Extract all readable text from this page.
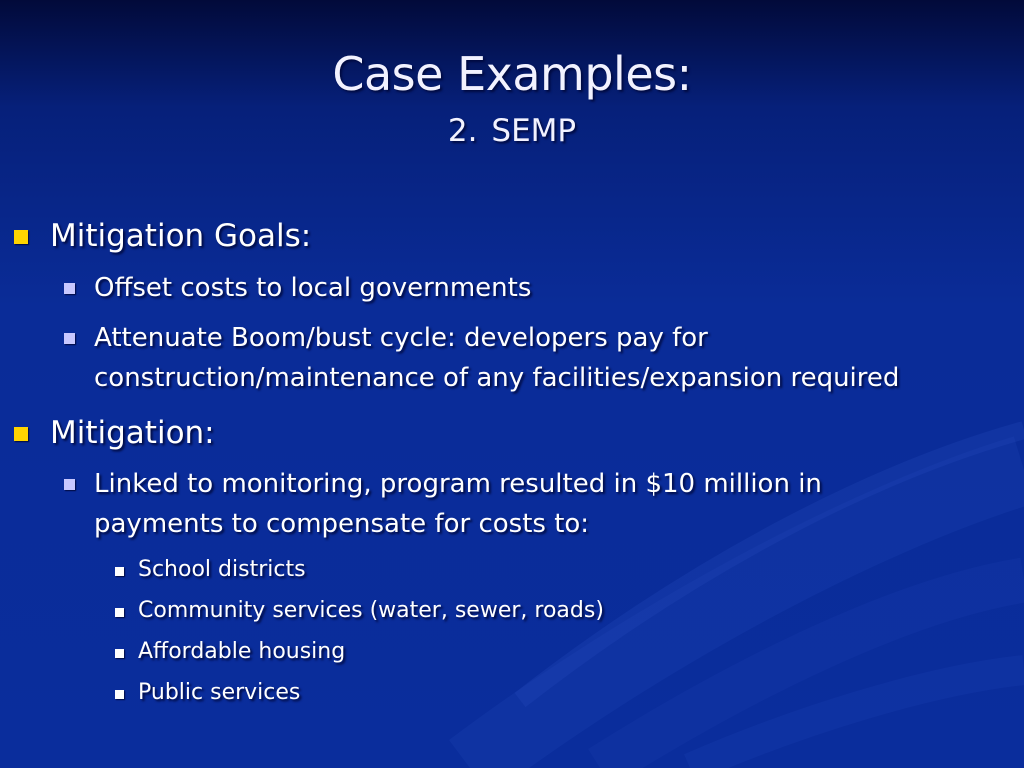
Case Examples:
2. SEMP
Mitigation Goals:
Offset costs to local governments
Attenuate Boom/bust cycle: developers pay for
construction/maintenance of any facilities/expansion required
Mitigation:
Linked to monitoring, program resulted in $10 million in
payments to compensate for costs to:
School districts
Community services (water, sewer, roads)
Affordable housing
Public services
